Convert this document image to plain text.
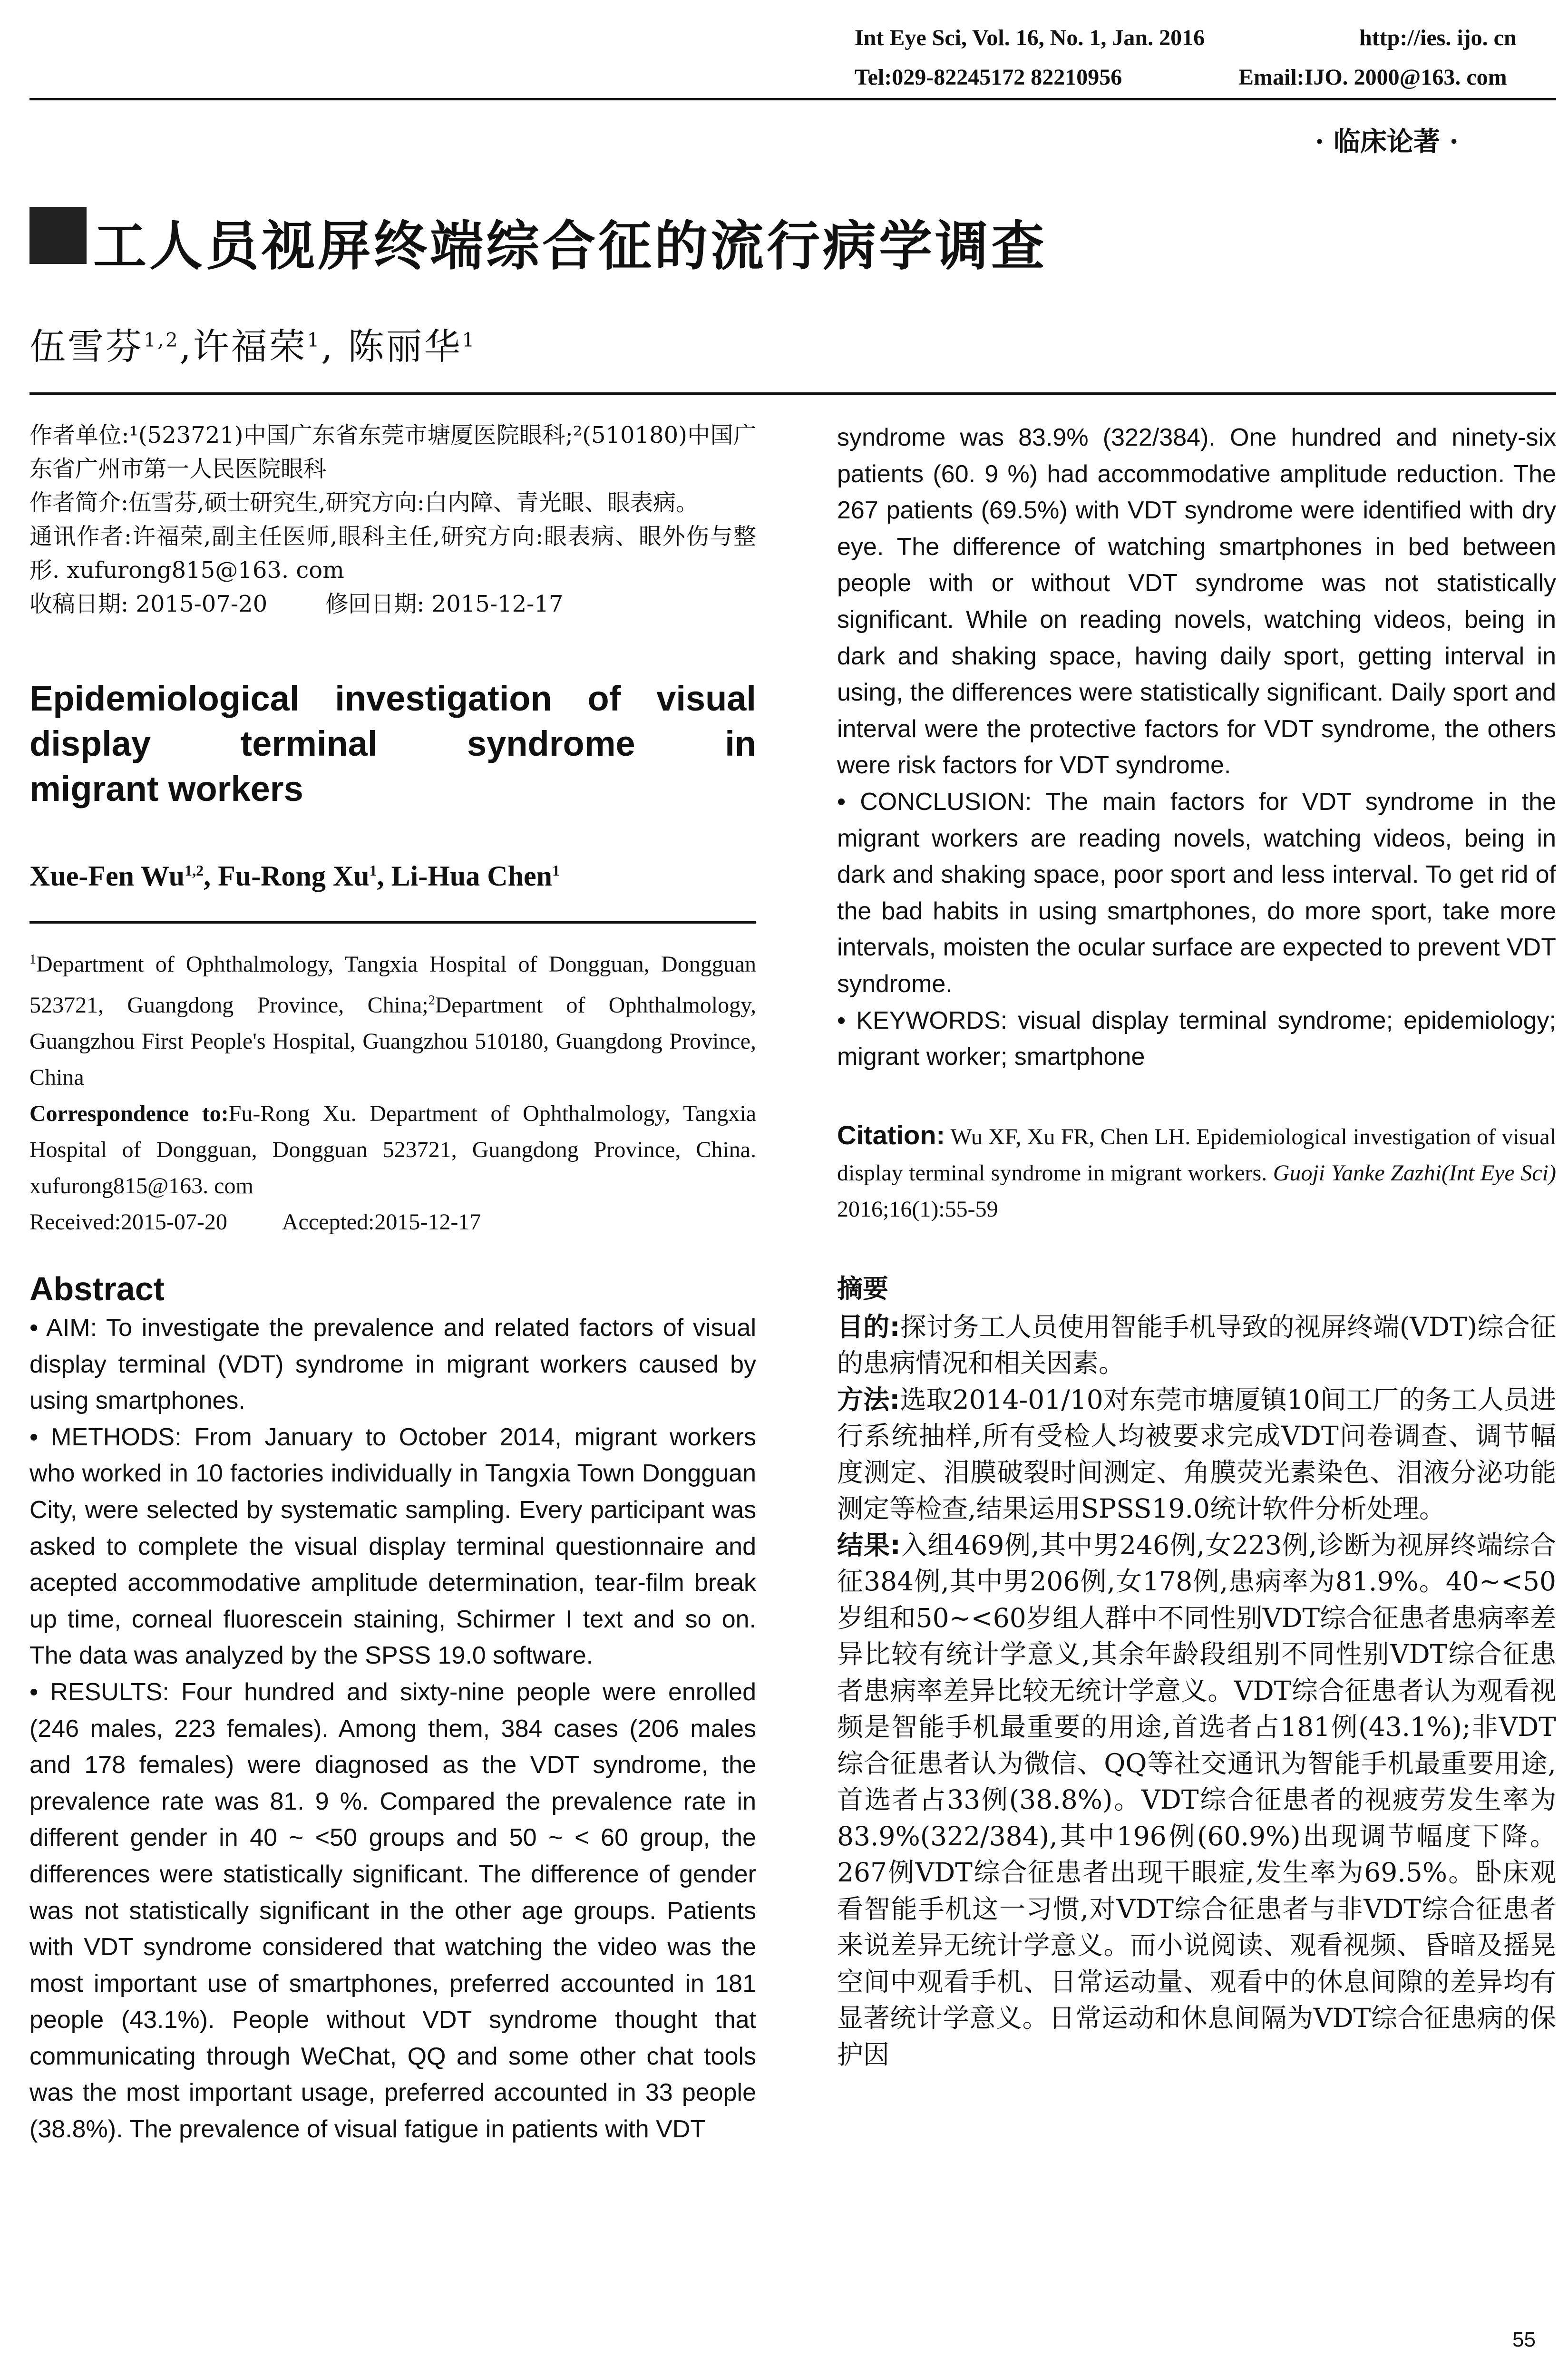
Int Eye Sci, Vol. 16, No. 1, Jan. 2016	http://ies. ijo. cn
Tel:029-82245172 82210956	Email:IJO. 2000@163. com
· 临床论著 ·
工人员视屏终端综合征的流行病学调查
伍雪芬$^{1,2}$,许福荣$^1$, 陈丽华$^1$

作者单位:¹(523721)中国广东省东莞市塘厦医院眼科;²(510180)中国广东省广州市第一人民医院眼科

作者简介:伍雪芬,硕士研究生,研究方向:白内障、青光眼、眼表病。

通讯作者:许福荣,副主任医师,眼科主任,研究方向:眼表病、眼外伤与整形. xufurong815@163. com

收稿日期: 2015-07-20        修回日期: 2015-12-17

Epidemiological investigation of visual
display terminal syndrome in
migrant workers
Xue-Fen Wu$^{1,2}$, Fu-Rong Xu$^1$, Li-Hua Chen$^1$
$^1$Department of Ophthalmology, Tangxia Hospital of Dongguan, Dongguan 523721, Guangdong Province, China;$^2$Department of Ophthalmology, Guangzhou First People's Hospital, Guangzhou 510180, Guangdong Province, China
Correspondence to:Fu-Rong Xu. Department of Ophthalmology, Tangxia Hospital of Dongguan, Dongguan 523721, Guangdong Province, China. xufurong815@163. com
Received:2015-07-20 Accepted:2015-12-17
Abstract

• AIM: To investigate the prevalence and related factors of visual display terminal (VDT) syndrome in migrant workers caused by using smartphones.

• METHODS: From January to October 2014, migrant workers who worked in 10 factories individually in Tangxia Town Dongguan City, were selected by systematic sampling. Every participant was asked to complete the visual display terminal questionnaire and acepted accommodative amplitude determination, tear-film break up time, corneal fluorescein staining, Schirmer I text and so on. The data was analyzed by the SPSS 19.0 software.

• RESULTS: Four hundred and sixty-nine people were enrolled (246 males, 223 females). Among them, 384 cases (206 males and 178 females) were diagnosed as the VDT syndrome, the prevalence rate was 81. 9 %. Compared the prevalence rate in different gender in 40 ~ <50 groups and 50 ~ < 60 group, the differences were statistically significant. The difference of gender was not statistically significant in the other age groups. Patients with VDT syndrome considered that watching the video was the most important use of smartphones, preferred accounted in 181 people (43.1%). People without VDT syndrome thought that communicating through WeChat, QQ and some other chat tools was the most important usage, preferred accounted in 33 people (38.8%). The prevalence of visual fatigue in patients with VDT

syndrome was 83.9% (322/384). One hundred and ninety-six patients (60. 9 %) had accommodative amplitude reduction. The 267 patients (69.5%) with VDT syndrome were identified with dry eye. The difference of watching smartphones in bed between people with or without VDT syndrome was not statistically significant. While on reading novels, watching videos, being in dark and shaking space, having daily sport, getting interval in using, the differences were statistically significant. Daily sport and interval were the protective factors for VDT syndrome, the others were risk factors for VDT syndrome.

• CONCLUSION: The main factors for VDT syndrome in the migrant workers are reading novels, watching videos, being in dark and shaking space, poor sport and less interval. To get rid of the bad habits in using smartphones, do more sport, take more intervals, moisten the ocular surface are expected to prevent VDT syndrome.

• KEYWORDS: visual display terminal syndrome; epidemiology; migrant worker; smartphone

Citation: Wu XF, Xu FR, Chen LH. Epidemiological investigation of visual display terminal syndrome in migrant workers. Guoji Yanke Zazhi(Int Eye Sci) 2016;16(1):55-59
摘要

目的:探讨务工人员使用智能手机导致的视屏终端(VDT)综合征的患病情况和相关因素。

方法:选取2014-01/10对东莞市塘厦镇10间工厂的务工人员进行系统抽样,所有受检人均被要求完成VDT问卷调查、调节幅度测定、泪膜破裂时间测定、角膜荧光素染色、泪液分泌功能测定等检查,结果运用SPSS19.0统计软件分析处理。

结果:入组469例,其中男246例,女223例,诊断为视屏终端综合征384例,其中男206例,女178例,患病率为81.9%。40~<50岁组和50~<60岁组人群中不同性别VDT综合征患者患病率差异比较有统计学意义,其余年龄段组别不同性别VDT综合征患者患病率差异比较无统计学意义。VDT综合征患者认为观看视频是智能手机最重要的用途,首选者占181例(43.1%);非VDT综合征患者认为微信、QQ等社交通讯为智能手机最重要用途,首选者占33例(38.8%)。VDT综合征患者的视疲劳发生率为83.9%(322/384),其中196例(60.9%)出现调节幅度下降。267例VDT综合征患者出现干眼症,发生率为69.5%。卧床观看智能手机这一习惯,对VDT综合征患者与非VDT综合征患者来说差异无统计学意义。而小说阅读、观看视频、昏暗及摇晃空间中观看手机、日常运动量、观看中的休息间隙的差异均有显著统计学意义。日常运动和休息间隔为VDT综合征患病的保护因

55
